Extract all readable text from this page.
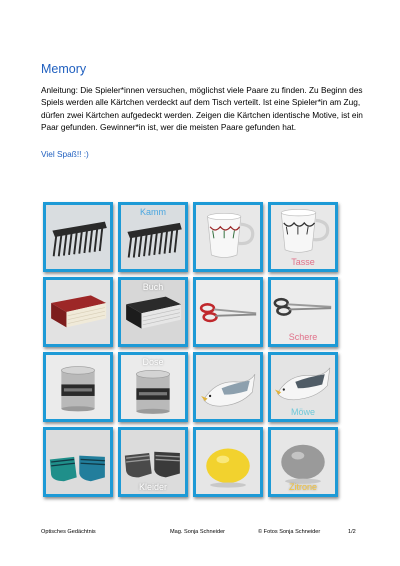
Memory

Anleitung: Die Spieler*innen versuchen, möglichst viele Paare zu finden. Zu Beginn des Spiels werden alle Kärtchen verdeckt auf dem Tisch verteilt. Ist eine Spieler*in am Zug, dürfen zwei Kärtchen aufgedeckt werden. Zeigen die Kärtchen identische Motive, ist ein Paar gefunden. Gewinner*in ist, wer die meisten Paare gefunden hat.

Viel Spaß!! :)
Kamm
Tasse
Buch
Schere
Dose
Möwe
Kleider	Zitrone
Optisches Gedächtnis	Mag. Sonja Schneider	© Fotos Sonja Schneider	1/2
